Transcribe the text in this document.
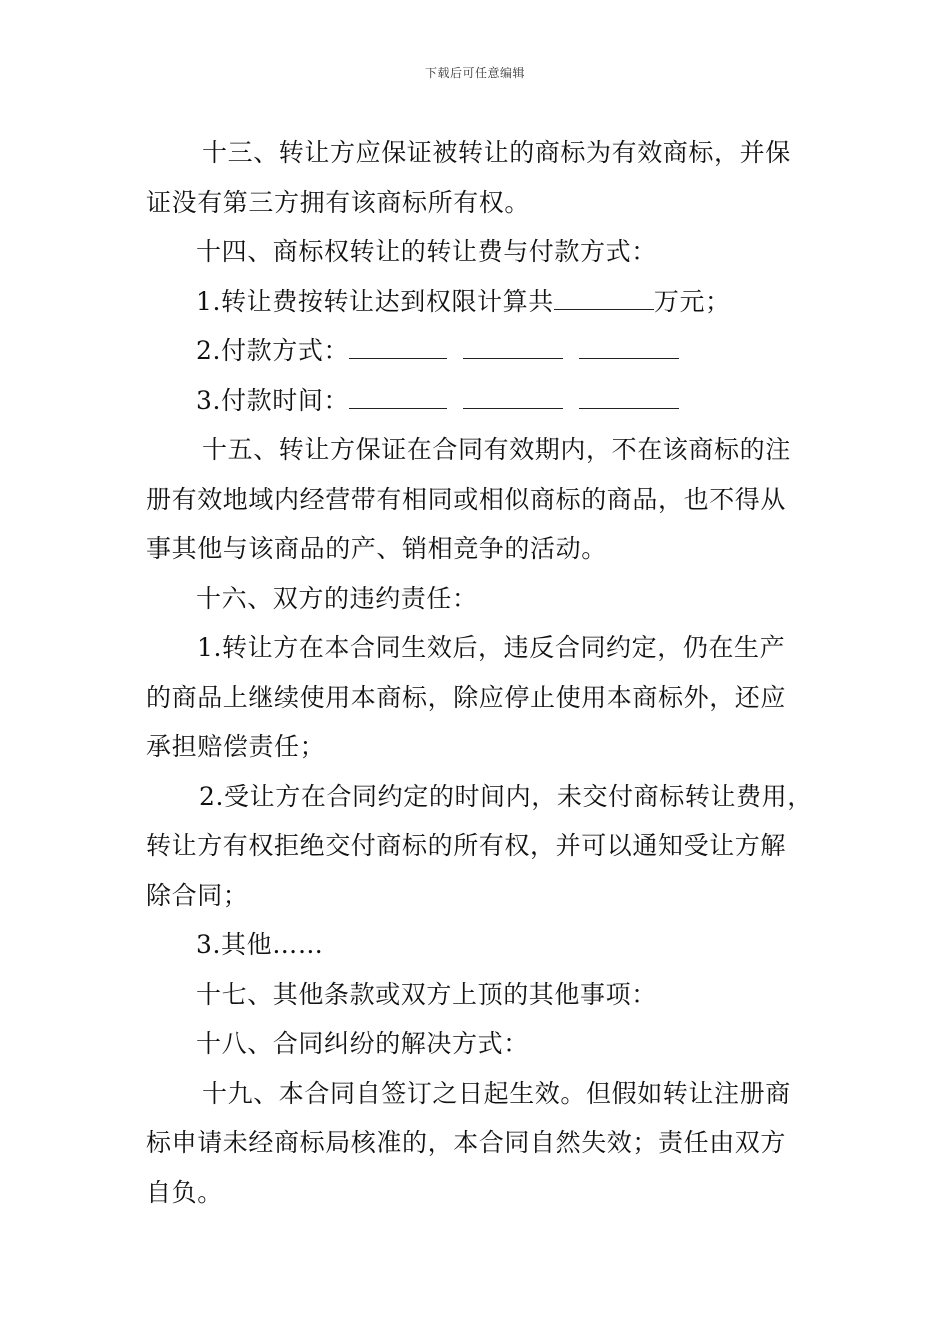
下载后可任意编辑

十三、转让方应保证被转让的商标为有效商标，并保

证没有第三方拥有该商标所有权。

十四、商标权转让的转让费与付款方式：

1.转让费按转让达到权限计算共	万元；

2.付款方式：

3.付款时间：

十五、转让方保证在合同有效期内，不在该商标的注

册有效地域内经营带有相同或相似商标的商品，也不得从

事其他与该商品的产、销相竞争的活动。

十六、双方的违约责任：

1.转让方在本合同生效后，违反合同约定，仍在生产

的商品上继续使用本商标，除应停止使用本商标外，还应

承担赔偿责任；

2.受让方在合同约定的时间内，未交付商标转让费用，

转让方有权拒绝交付商标的所有权，并可以通知受让方解

除合同；

3.其他……

十七、其他条款或双方上顶的其他事项：

十八、合同纠纷的解决方式：

十九、本合同自签订之日起生效。但假如转让注册商

标申请未经商标局核准的，本合同自然失效；责任由双方

自负。
